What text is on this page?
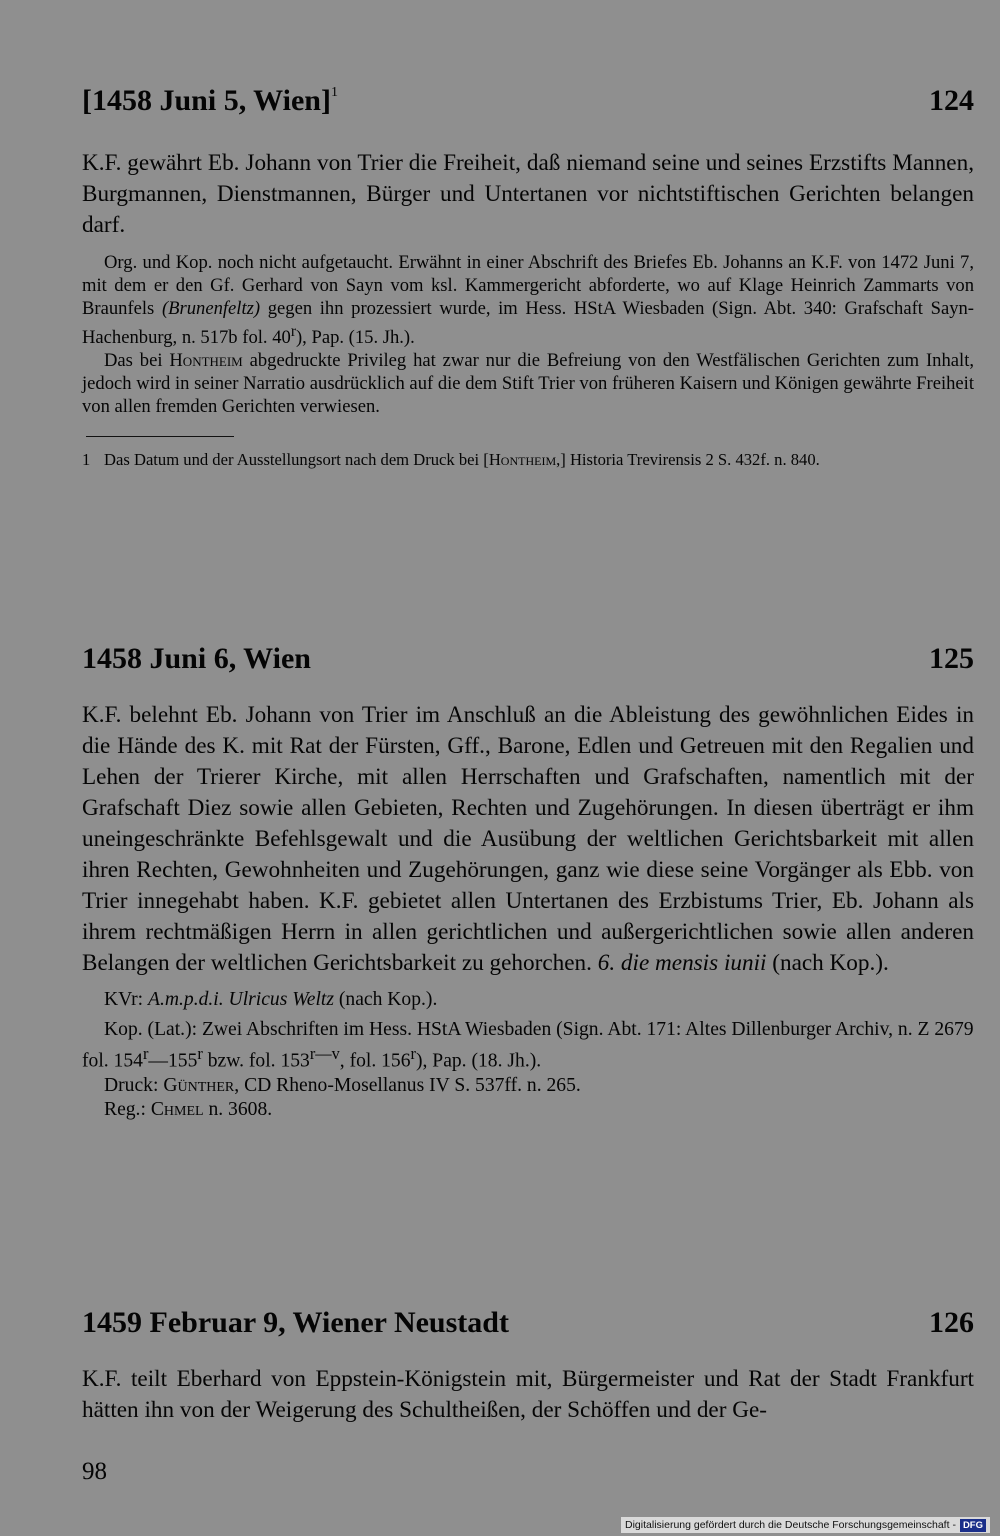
[1458 Juni 5, Wien]$^1$	124
K.F. gewährt Eb. Johann von Trier die Freiheit, daß niemand seine und seines Erzstifts Mannen, Burgmannen, Dienstmannen, Bürger und Untertanen vor nichtstiftischen Gerichten belangen darf.

Org. und Kop. noch nicht aufgetaucht. Erwähnt in einer Abschrift des Briefes Eb. Johanns an K.F. von 1472 Juni 7, mit dem er den Gf. Gerhard von Sayn vom ksl. Kammergericht abforderte, wo auf Klage Heinrich Zammarts von Braunfels (Brunenfeltz) gegen ihn prozessiert wurde, im Hess. HStA Wiesbaden (Sign. Abt. 340: Grafschaft Sayn-Hachenburg, n. 517b fol. 40$^r$), Pap. (15. Jh.).

Das bei Hontheim abgedruckte Privileg hat zwar nur die Befreiung von den Westfälischen Gerichten zum Inhalt, jedoch wird in seiner Narratio ausdrücklich auf die dem Stift Trier von früheren Kaisern und Königen gewährte Freiheit von allen fremden Gerichten verwiesen.

1 Das Datum und der Ausstellungsort nach dem Druck bei [Hontheim,] Historia Trevirensis 2 S. 432f. n. 840.
1458 Juni 6, Wien	125
K.F. belehnt Eb. Johann von Trier im Anschluß an die Ableistung des gewöhnlichen Eides in die Hände des K. mit Rat der Fürsten, Gff., Barone, Edlen und Getreuen mit den Regalien und Lehen der Trierer Kirche, mit allen Herrschaften und Grafschaften, namentlich mit der Grafschaft Diez sowie allen Gebieten, Rechten und Zugehörungen. In diesen überträgt er ihm uneingeschränkte Befehlsgewalt und die Ausübung der weltlichen Gerichtsbarkeit mit allen ihren Rechten, Gewohnheiten und Zugehörungen, ganz wie diese seine Vorgänger als Ebb. von Trier innegehabt haben. K.F. gebietet allen Untertanen des Erzbistums Trier, Eb. Johann als ihrem rechtmäßigen Herrn in allen gerichtlichen und außergerichtlichen sowie allen anderen Belangen der weltlichen Gerichtsbarkeit zu gehorchen. 6. die mensis iunii (nach Kop.).
KVr: A.m.p.d.i. Ulricus Weltz (nach Kop.).

Kop. (Lat.): Zwei Abschriften im Hess. HStA Wiesbaden (Sign. Abt. 171: Altes Dillenburger Archiv, n. Z 2679 fol. 154$^r$—155$^r$ bzw. fol. $153^{r—v}$, fol. 156$^r$), Pap. (18. Jh.).

Druck: Günther, CD Rheno-Mosellanus IV S. 537ff. n. 265.

Reg.: Chmel n. 3608.

1459 Februar 9, Wiener Neustadt	126
K.F. teilt Eberhard von Eppstein-Königstein mit, Bürgermeister und Rat der Stadt Frankfurt hätten ihn von der Weigerung des Schultheißen, der Schöffen und der Ge-
98
Digitalisierung gefördert durch die Deutsche Forschungsgemeinschaft - DFG
